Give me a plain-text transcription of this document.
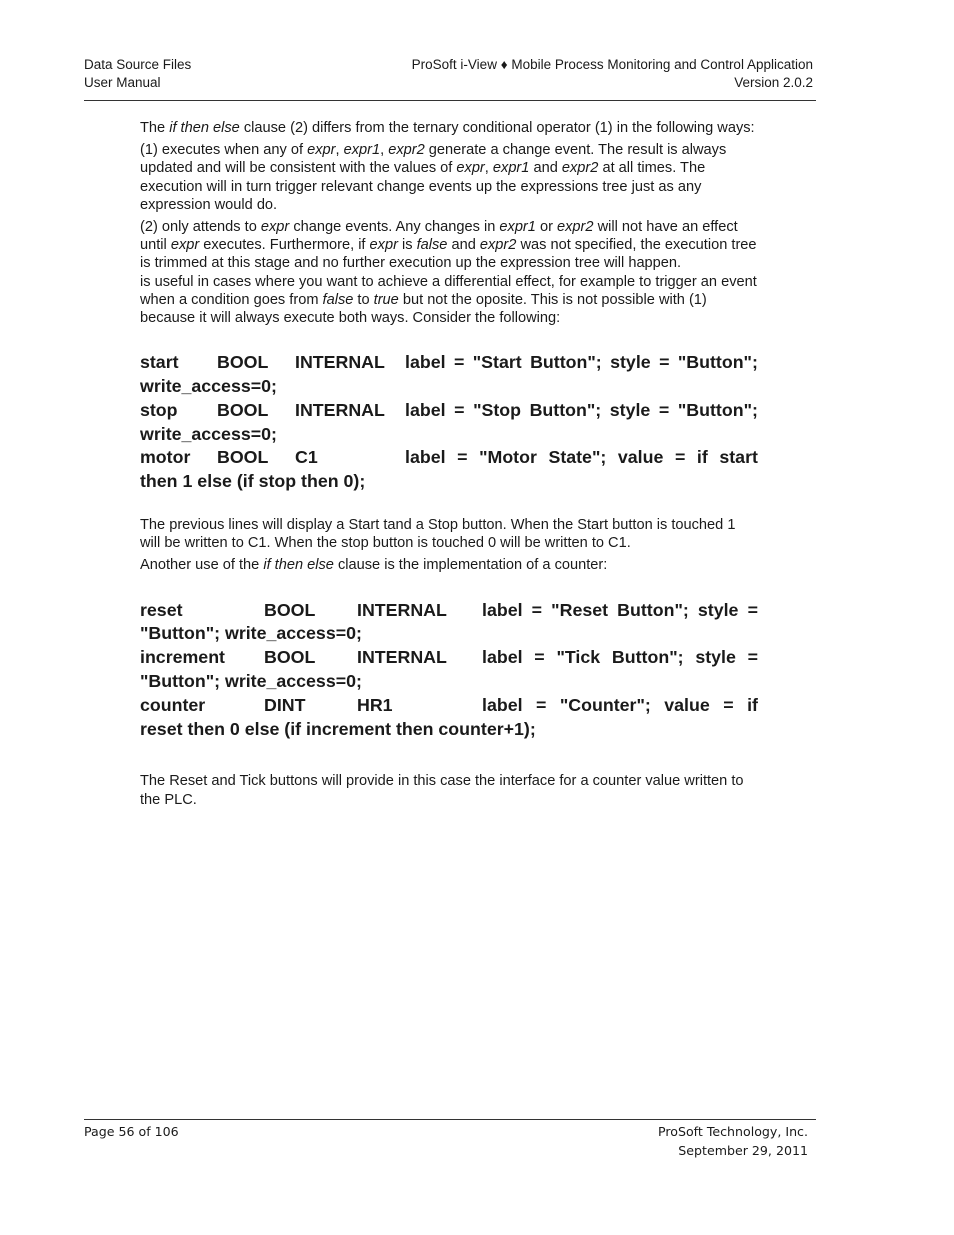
Data Source Files
User Manual
ProSoft i-View ♦ Mobile Process Monitoring and Control Application
Version 2.0.2

The if then else clause (2) differs from the ternary conditional operator (1) in the following ways:

(1) executes when any of expr, expr1, expr2 generate a change event. The result is always updated and will be consistent with the values of expr, expr1 and expr2 at all times. The execution will in turn trigger relevant change events up the expressions tree just as any expression would do.

(2) only attends to expr change events. Any changes in expr1 or expr2 will not have an effect until expr executes. Furthermore, if expr is false and expr2 was not specified, the execution tree is trimmed at this stage and no further execution up the expression tree will happen.

is useful in cases where you want to achieve a differential effect, for example to trigger an event when a condition goes from false to true but not the oposite. This is not possible with (1) because it will always execute both ways. Consider the following:

start	BOOL	INTERNAL	label = "Start Button"; style = "Button";
write_access=0;
stop	BOOL	INTERNAL	label = "Stop Button"; style = "Button";
write_access=0;
motor	BOOL	C1	label = "Motor State"; value = if start
then 1 else (if stop then 0);

The previous lines will display a Start tand a Stop button. When the Start button is touched 1 will be written to C1. When the stop button is touched 0 will be written to C1.

Another use of the if then else clause is the implementation of a counter:

reset	BOOL	INTERNAL	label = "Reset Button"; style =
"Button"; write_access=0;
increment	BOOL	INTERNAL	label = "Tick Button"; style =
"Button"; write_access=0;
counter	DINT	HR1	label = "Counter"; value = if
reset then 0 else (if increment then counter+1);

The Reset and Tick buttons will provide in this case the interface for a counter value written to the PLC.

Page 56 of 106	ProSoft Technology, Inc.
September 29, 2011
